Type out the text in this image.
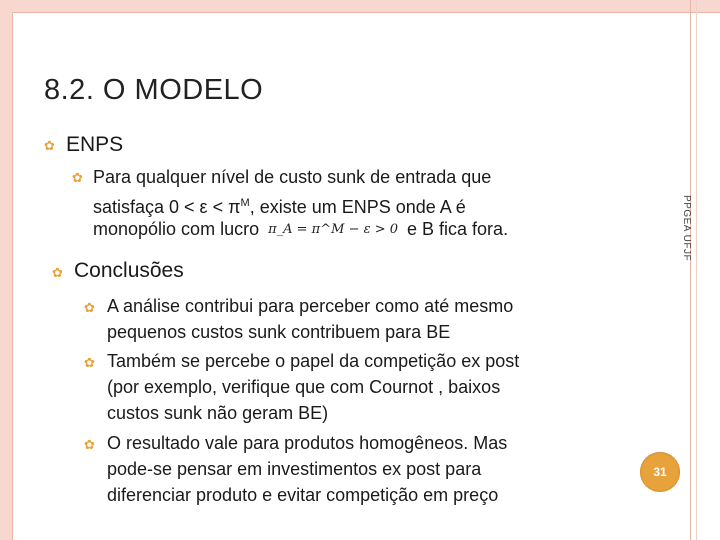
8.2. O MODELO
✿ ENPS
✿ Para qualquer nível de custo sunk de entrada que
satisfaça $0 < \varepsilon < \pi^M$, existe um ENPS onde A é
monopólio com lucro π_A = π^M − ε > 0 e B fica fora.
✿ Conclusões
✿ A análise contribui para perceber como até mesmo
pequenos custos sunk contribuem para BE
✿ Também se percebe o papel da competição ex post
(por exemplo, verifique que com Cournot , baixos
custos sunk não geram BE)
✿ O resultado vale para produtos homogêneos. Mas
pode-se pensar em investimentos ex post para
diferenciar produto e evitar competição em preço
PPGEA UFJF
31
